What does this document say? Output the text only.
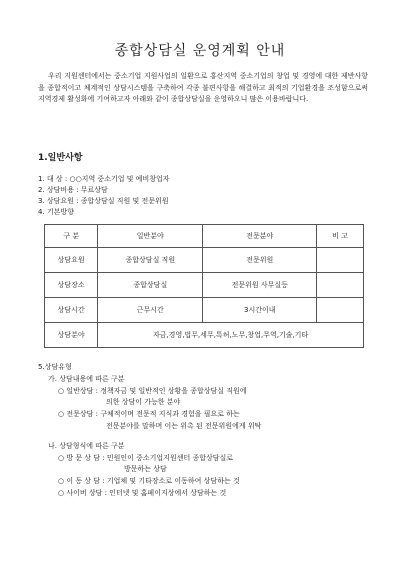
종합상담실 운영계획 안내

우리 지원센터에서는 중소기업 지원사업의 일환으로 홍산지역 중소기업의 창업 및 경영에 대한 제반사항을 종합적이고 체계적인 상담시스템을 구축하여 각종 불편사항을 해결하고 최적의 기업환경을 조성함으로써 지역경제 활성화에 기여하고자 아래와 같이 종합상담실을 운영하오니 많은 이용바랍니다.

1.일반사항
1. 대 상 : ○○지역 중소기업 및 예비창업자
2. 상담비용 : 무료상담
3. 상담요원 : 종합상담실 직원 및 전문위원
4. 기본방향
구 분	일반분야	전문분야	비 고
상담요원	종합상담실 직원	전문위원	
상담장소	종합상담실	전문위원 사무실등	
상담시간	근무시간	3시간이내	
상담분야	자금,경영,법무,세무,특허,노무,창업,무역,기술,기타		
5.상담유형
가. 상담내용에 따른 구분
○ 일반상담 : 정책자금 및 일반적인 상황을 종합상담실 직원에
의한 상담이 가능한 분야
○ 전문상담 : 구체적이며 전문적 지식과 경험을 필요로 하는
전문분야를 말하며 이는 위촉 된 전문위원에게 위탁
나. 상담형식에 따른 구분
○ 방 문 상 담 : 민원인이 중소기업지원센터 종합상담실로
방문하는 상담
○ 이 동 상 담 : 기업체 및 기타장소로 이동하여 상담하는 것
○ 사이버 상담 : 인터넷 및 홈페이지상에서 상담하는 것
